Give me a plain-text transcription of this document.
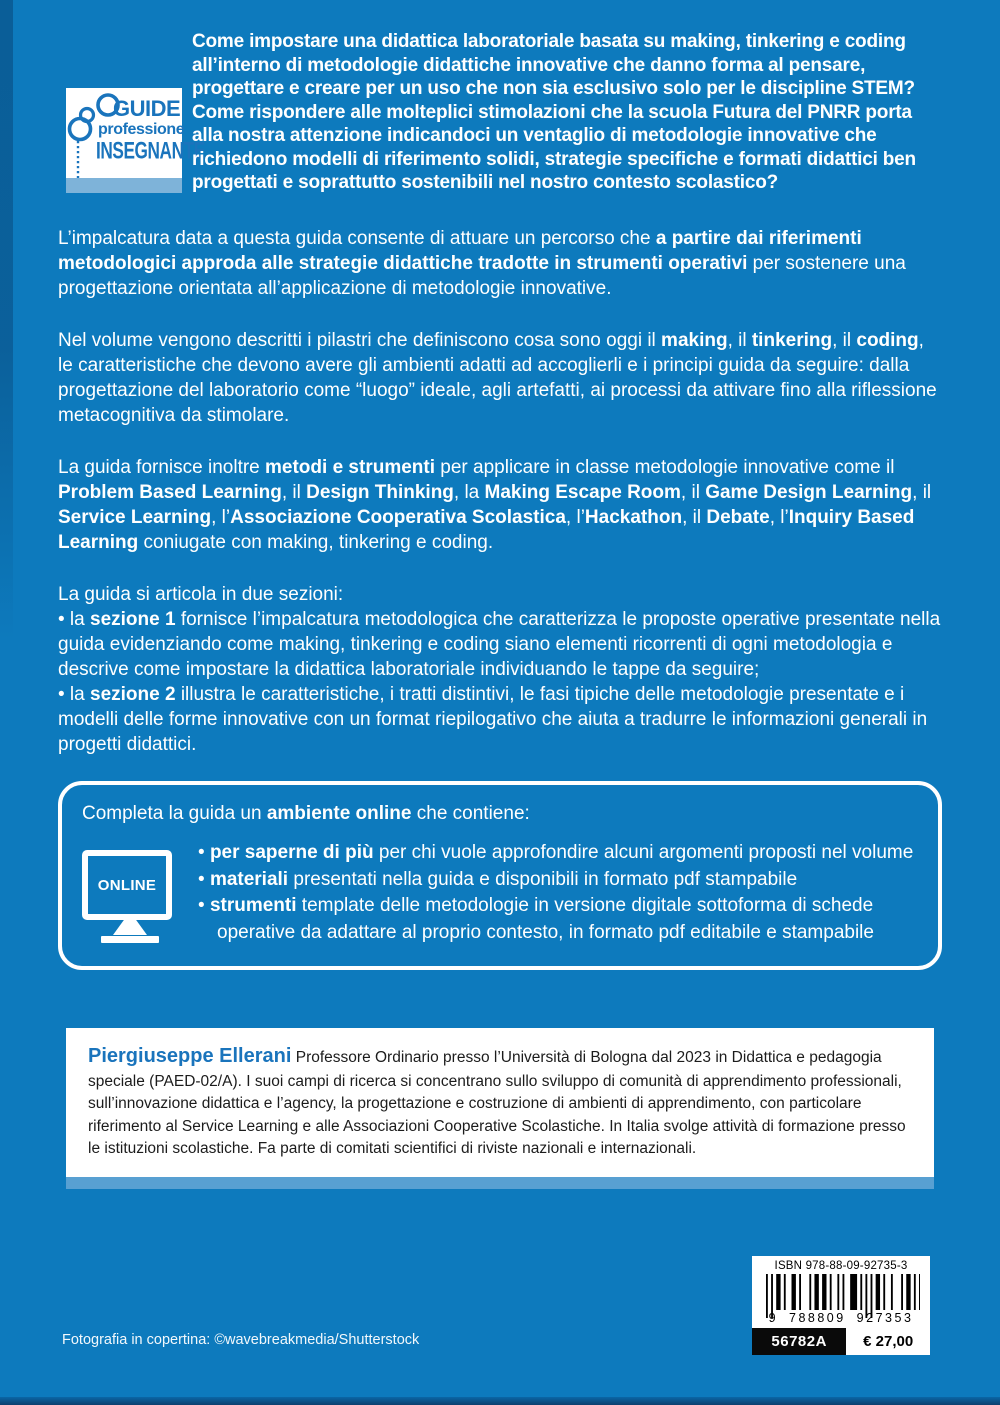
GUIDE
professione
INSEGNANTE

Come impostare una didattica laboratoriale basata su making, tinkering e coding all’interno di metodologie didattiche innovative che danno forma al pensare, progettare e creare per un uso che non sia esclusivo solo per le discipline STEM? Come rispondere alle molteplici stimolazioni che la scuola Futura del PNRR porta alla nostra attenzione indicandoci un ventaglio di metodologie innovative che richiedono modelli di riferimento solidi, strategie specifiche e formati didattici ben progettati e soprattutto sostenibili nel nostro contesto scolastico?

L’impalcatura data a questa guida consente di attuare un percorso che a partire dai riferimenti metodologici approda alle strategie didattiche tradotte in strumenti operativi per sostenere una progettazione orientata all’applicazione di metodologie innovative.

Nel volume vengono descritti i pilastri che definiscono cosa sono oggi il making, il tinkering, il coding, le caratteristiche che devono avere gli ambienti adatti ad accoglierli e i principi guida da seguire: dalla progettazione del laboratorio come “luogo” ideale, agli artefatti, ai processi da attivare fino alla riflessione metacognitiva da stimolare.

La guida fornisce inoltre metodi e strumenti per applicare in classe metodologie innovative come il Problem Based Learning, il Design Thinking, la Making Escape Room, il Game Design Learning, il Service Learning, l’Associazione Cooperativa Scolastica, l’Hackathon, il Debate, l’Inquiry Based Learning coniugate con making, tinkering e coding.

La guida si articola in due sezioni:

• la sezione 1 fornisce l’impalcatura metodologica che caratterizza le proposte operative presentate nella guida evidenziando come making, tinkering e coding siano elementi ricorrenti di ogni metodologia e descrive come impostare la didattica laboratoriale individuando le tappe da seguire;

• la sezione 2 illustra le caratteristiche, i tratti distintivi, le fasi tipiche delle metodologie presentate e i modelli delle forme innovative con un format riepilogativo che aiuta a tradurre le informazioni generali in progetti didattici.

Completa la guida un ambiente online che contiene:

ONLINE

• per saperne di più per chi vuole approfondire alcuni argomenti proposti nel volume

• materiali presentati nella guida e disponibili in formato pdf stampabile

• strumenti template delle metodologie in versione digitale sottoforma di schede operative da adattare al proprio contesto, in formato pdf editabile e stampabile

Piergiuseppe Ellerani Professore Ordinario presso l’Università di Bologna dal 2023 in Didattica e pedagogia speciale (PAED-02/A). I suoi campi di ricerca si concentrano sullo sviluppo di comunità di apprendimento professionali, sull’innovazione didattica e l’agency, la progettazione e costruzione di ambienti di apprendimento, con particolare riferimento al Service Learning e alle Associazioni Cooperative Scolastiche. In Italia svolge attività di formazione presso le istituzioni scolastiche. Fa parte di comitati scientifici di riviste nazionali e internazionali.

ISBN 978-88-09-92735-3
9 788809 927353
56782A	€ 27,00

Fotografia in copertina: ©wavebreakmedia/Shutterstock
